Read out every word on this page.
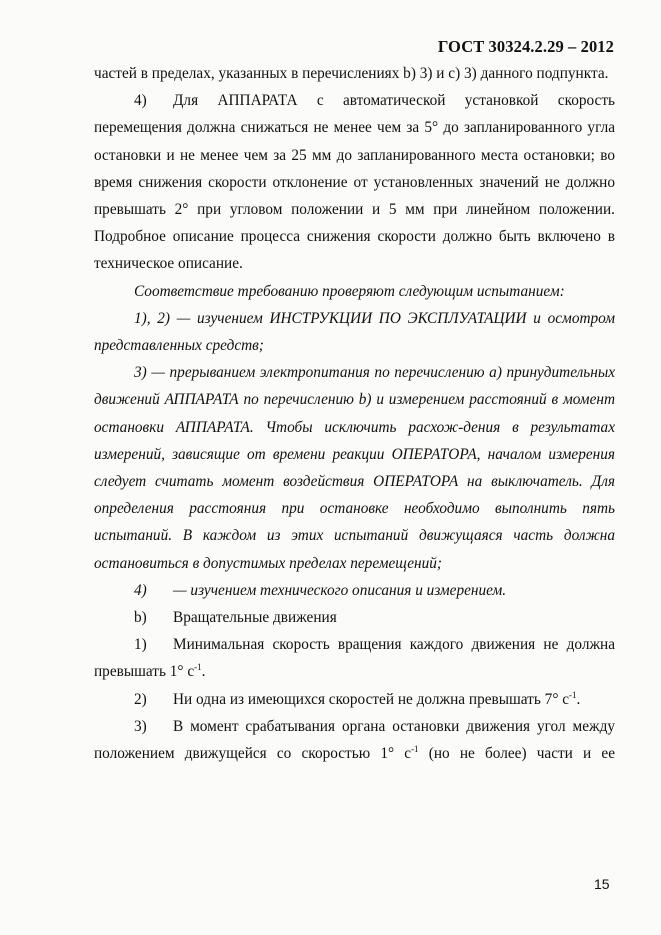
ГОСТ 30324.2.29 – 2012

частей в пределах, указанных в перечислениях b) 3) и c) 3) данного подпункта.

4)	Для АППАРАТА с автоматической установкой скорость перемещения должна снижаться не менее чем за 5° до запланированного угла остановки и не менее чем за 25 мм до запланированного места остановки; во время снижения скорости отклонение от установленных значений не должно превышать 2° при угловом положении и 5 мм при линейном положении. Подробное описание процесса снижения скорости должно быть включено в техническое описание.

Соответствие требованию проверяют следующим испытанием:

1), 2) — изучением ИНСТРУКЦИИ ПО ЭКСПЛУАТАЦИИ и осмотром представленных средств;

3) — прерыванием электропитания по перечислению а) принудительных движений АППАРАТА по перечислению b) и измерением расстояний в момент остановки АППАРАТА. Чтобы исключить расхож-дения в результатах измерений, зависящие от времени реакции ОПЕРАТОРА, началом измерения следует считать момент воздействия ОПЕРАТОРА на выключатель. Для определения расстояния при остановке необходимо выполнить пять испытаний. В каждом из этих испытаний движущаяся часть должна остановиться в допустимых пределах перемещений;

4)	— изучением технического описания и измерением.
b)	Вращательные движения
1)	Минимальная скорость вращения каждого движения не должна

превышать 1° $с^{-1}$.

2)	Ни одна из имеющихся скоростей не должна превышать 7° $с^{-1}$.
3)	В момент срабатывания органа остановки движения угол между

положением движущейся со скоростью 1° $с^{-1}$ (но не более) части и ее

15
